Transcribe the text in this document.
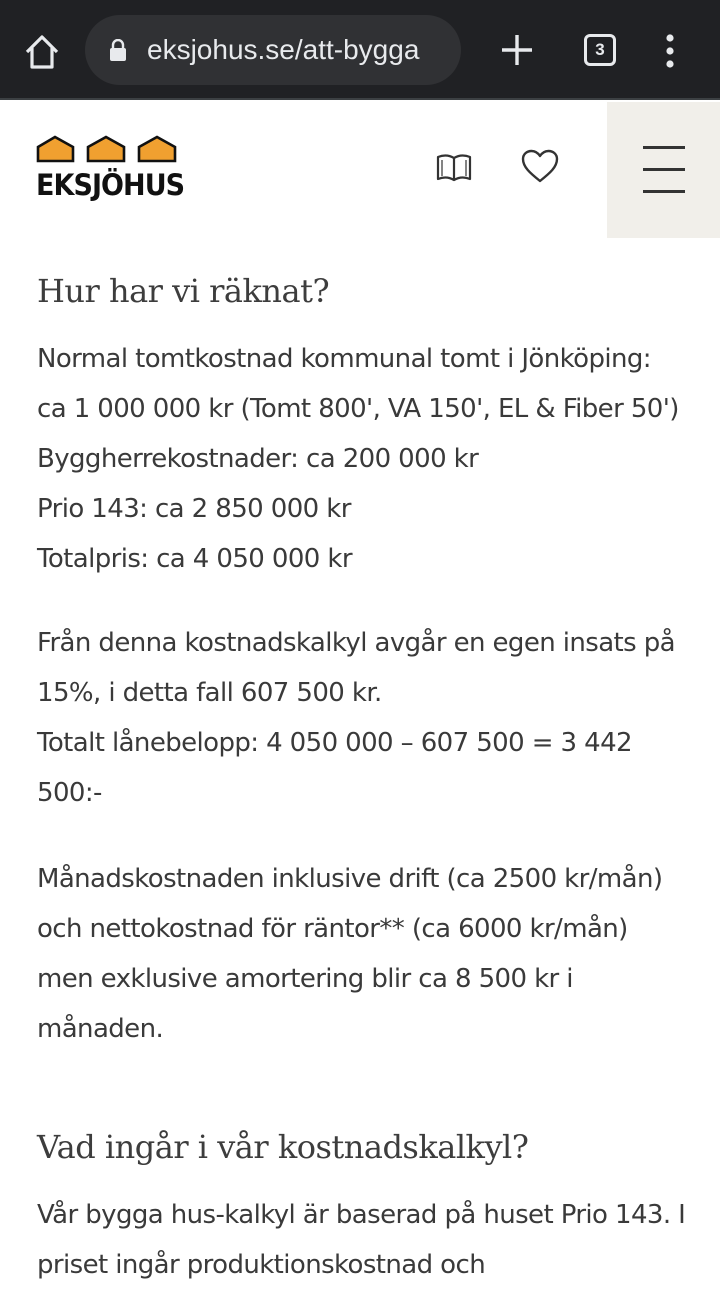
eksjohus.se/att-bygga	3
EKSJÖHUS
Hur har vi räknat?

Normal tomtkostnad kommunal tomt i Jönköping:
ca 1 000 000 kr (Tomt 800', VA 150', EL & Fiber 50')
Byggherrekostnader: ca 200 000 kr
Prio 143: ca 2 850 000 kr
Totalpris: ca 4 050 000 kr

Från denna kostnadskalkyl avgår en egen insats på
15%, i detta fall 607 500 kr.
Totalt lånebelopp: 4 050 000 – 607 500 = 3 442
500:-

Månadskostnaden inklusive drift (ca 2500 kr/mån)
och nettokostnad för räntor** (ca 6000 kr/mån)
men exklusive amortering blir ca 8 500 kr i
månaden.

Vad ingår i vår kostnadskalkyl?

Vår bygga hus-kalkyl är baserad på huset Prio 143. I
priset ingår produktionskostnad och
